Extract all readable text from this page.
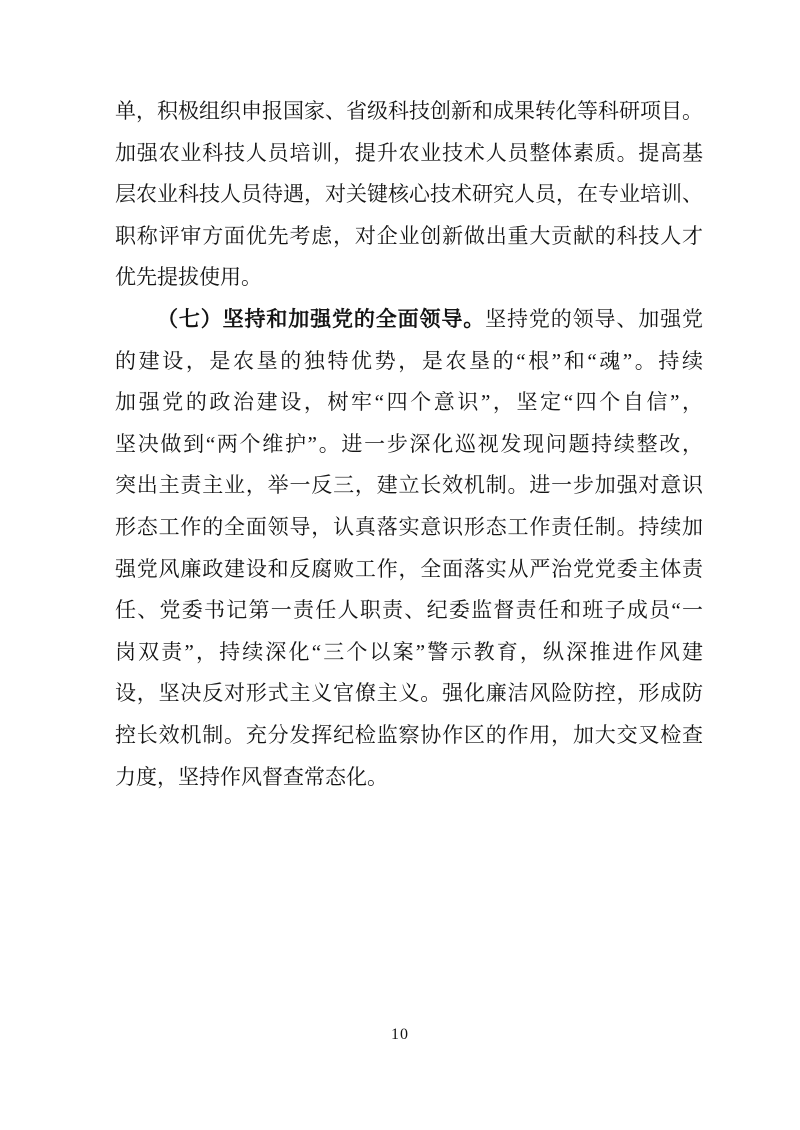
单，积极组织申报国家、省级科技创新和成果转化等科研项目。
加强农业科技人员培训，提升农业技术人员整体素质。提高基
层农业科技人员待遇，对关键核心技术研究人员，在专业培训、
职称评审方面优先考虑，对企业创新做出重大贡献的科技人才
优先提拔使用。
（七）坚持和加强党的全面领导。坚持党的领导、加强党
的建设，是农垦的独特优势，是农垦的“根”和“魂”。持续
加强党的政治建设，树牢“四个意识”，坚定“四个自信”，
坚决做到“两个维护”。进一步深化巡视发现问题持续整改，
突出主责主业，举一反三，建立长效机制。进一步加强对意识
形态工作的全面领导，认真落实意识形态工作责任制。持续加
强党风廉政建设和反腐败工作，全面落实从严治党党委主体责
任、党委书记第一责任人职责、纪委监督责任和班子成员“一
岗双责”，持续深化“三个以案”警示教育，纵深推进作风建
设，坚决反对形式主义官僚主义。强化廉洁风险防控，形成防
控长效机制。充分发挥纪检监察协作区的作用，加大交叉检查
力度，坚持作风督查常态化。
10
